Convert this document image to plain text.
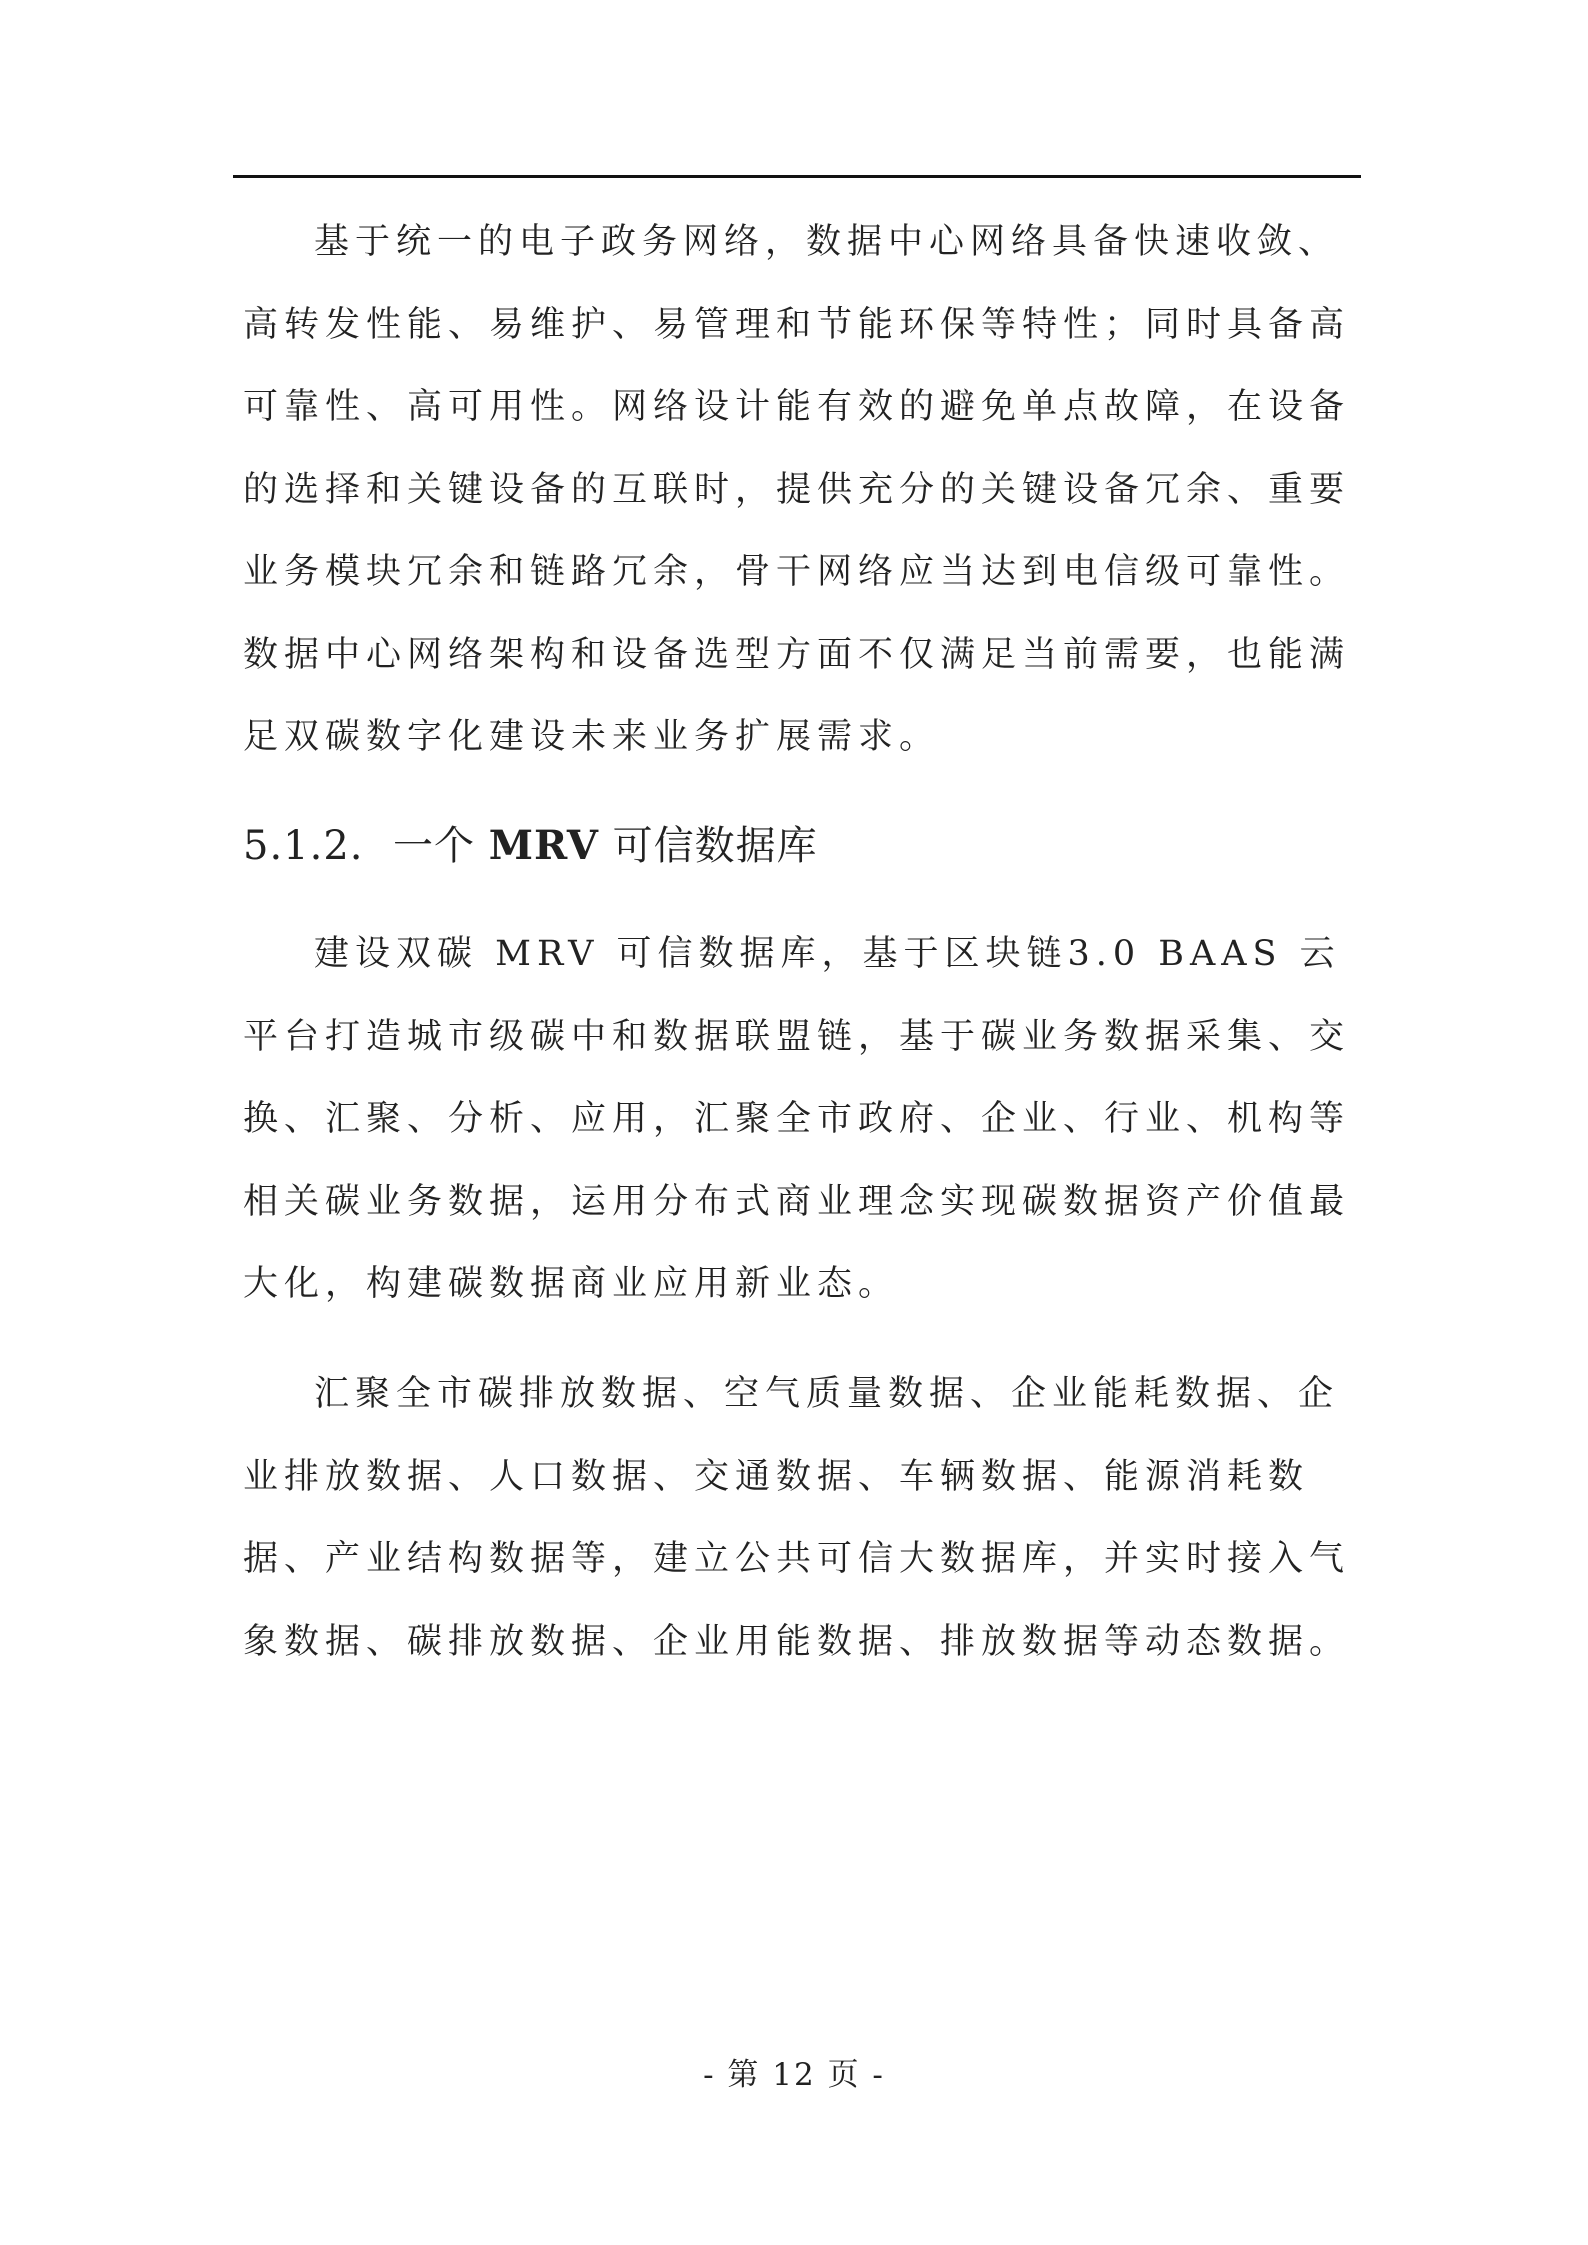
基于统一的电子政务网络，数据中心网络具备快速收敛、高转发性能、易维护、易管理和节能环保等特性；同时具备高可靠性、高可用性。网络设计能有效的避免单点故障，在设备的选择和关键设备的互联时，提供充分的关键设备冗余、重要业务模块冗余和链路冗余，骨干网络应当达到电信级可靠性。数据中心网络架构和设备选型方面不仅满足当前需要，也能满足双碳数字化建设未来业务扩展需求。

5.1.2. 一个 MRV 可信数据库

建设双碳 MRV 可信数据库，基于区块链3.0 BAAS 云平台打造城市级碳中和数据联盟链，基于碳业务数据采集、交换、汇聚、分析、应用，汇聚全市政府、企业、行业、机构等相关碳业务数据，运用分布式商业理念实现碳数据资产价值最大化，构建碳数据商业应用新业态。

汇聚全市碳排放数据、空气质量数据、企业能耗数据、企业排放数据、人口数据、交通数据、车辆数据、能源消耗数据、产业结构数据等，建立公共可信大数据库，并实时接入气象数据、碳排放数据、企业用能数据、排放数据等动态数据。

- 第 12 页 -
